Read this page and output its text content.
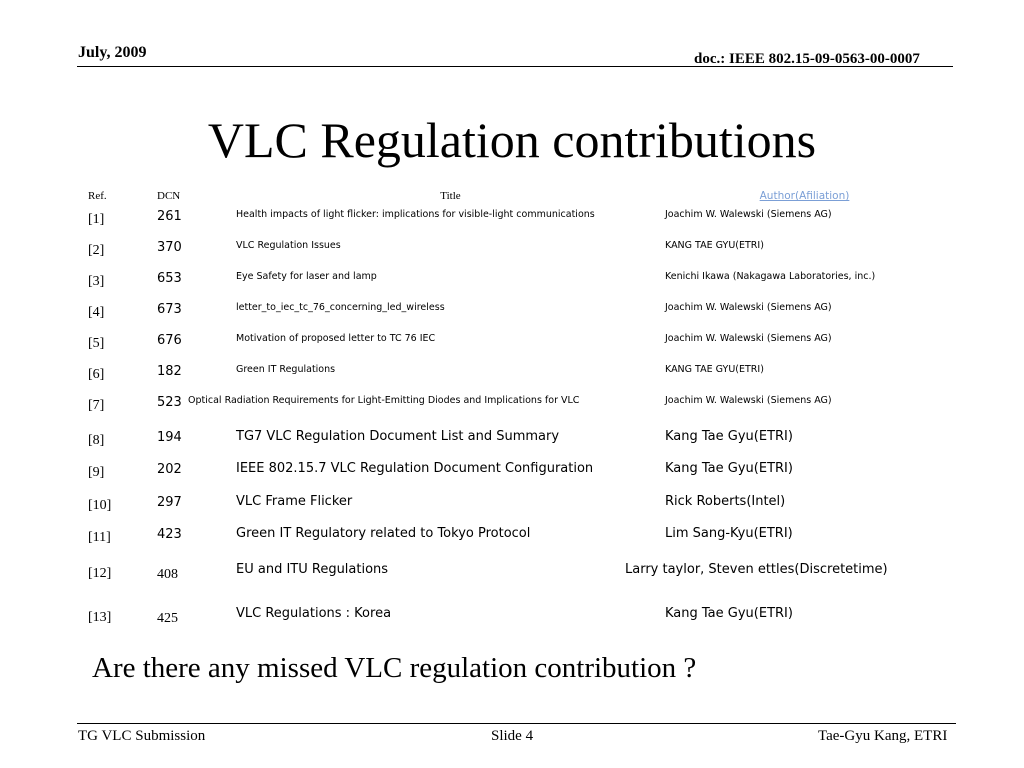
July, 2009	doc.: IEEE 802.15-09-0563-00-0007
VLC Regulation contributions
Ref.	DCN	Title	Author(Afiliation)
[1]	261	Health impacts of light flicker: implications for visible-light communications	Joachim W. Walewski (Siemens AG)
[2]	370	VLC Regulation Issues	KANG TAE GYU(ETRI)
[3]	653	Eye Safety for laser and lamp	Kenichi Ikawa (Nakagawa Laboratories, inc.)
[4]	673	letter_to_iec_tc_76_concerning_led_wireless	Joachim W. Walewski (Siemens AG)
[5]	676	Motivation of proposed letter to TC 76 IEC	Joachim W. Walewski (Siemens AG)
[6]	182	Green IT Regulations	KANG TAE GYU(ETRI)
[7]	523	Optical Radiation Requirements for Light-Emitting Diodes and Implications for VLC	Joachim W. Walewski (Siemens AG)
[8]	194	TG7 VLC Regulation Document List and Summary	Kang Tae Gyu(ETRI)
[9]	202	IEEE 802.15.7 VLC Regulation Document Configuration	Kang Tae Gyu(ETRI)
[10]	297	VLC Frame Flicker	Rick Roberts(Intel)
[11]	423	Green IT Regulatory related to Tokyo Protocol	Lim Sang-Kyu(ETRI)
[12]	408	EU and ITU Regulations	Larry taylor, Steven ettles(Discretetime)
[13]	425	VLC Regulations : Korea	Kang Tae Gyu(ETRI)
Are there any missed VLC regulation contribution ?
TG VLC Submission	Slide 4	Tae-Gyu Kang, ETRI
